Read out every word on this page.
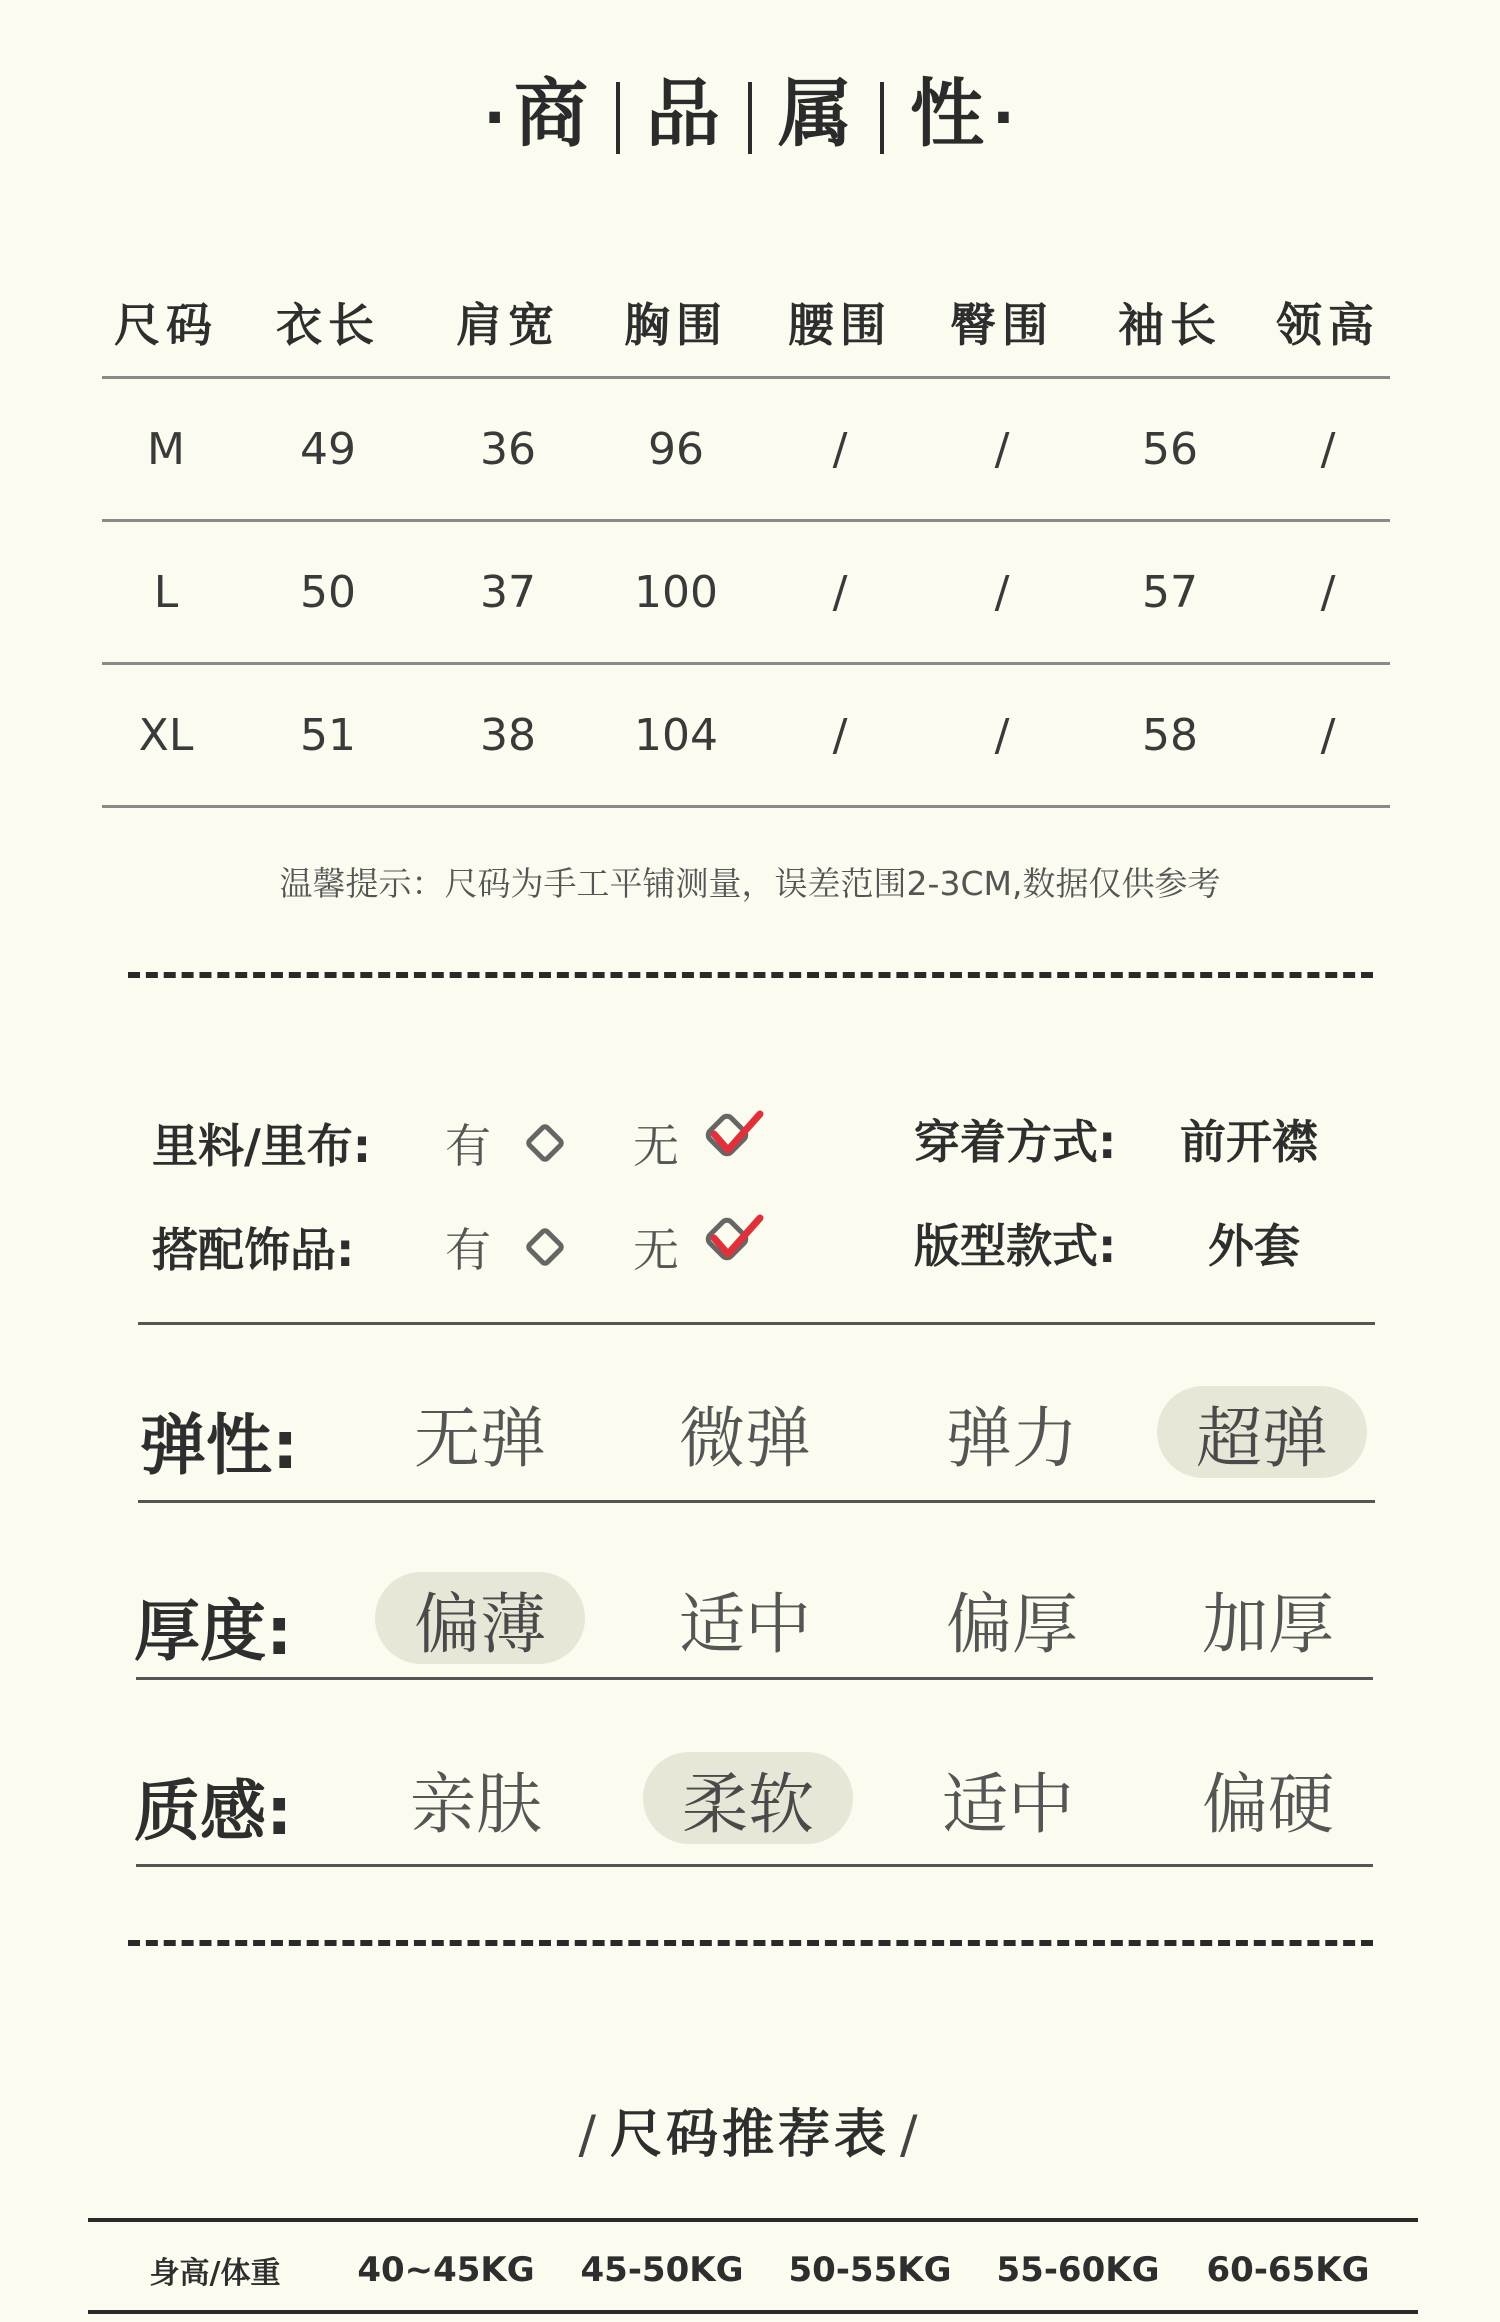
·商 品 属 性 ·
尺码	衣长	肩宽	胸围	腰围	臀围	袖长	领高
M	49	36	96	/	/	56	/
L	50	37	100	/	/	57	/
XL	51	38	104	/	/	58	/
温馨提示：尺码为手工平铺测量，误差范围2-3CM,数据仅供参考
里料/里布: 有	无	穿着方式: 前开襟
搭配饰品: 有	无	版型款式: 外套
弹性:	无弹	微弹	弹力	超弹
厚度:	偏薄	适中	偏厚	加厚
质感:	亲肤	柔软	适中	偏硬
/ 尺码推荐表 /
身高/体重	40~45KG	45-50KG	50-55KG	55-60KG	60-65KG
